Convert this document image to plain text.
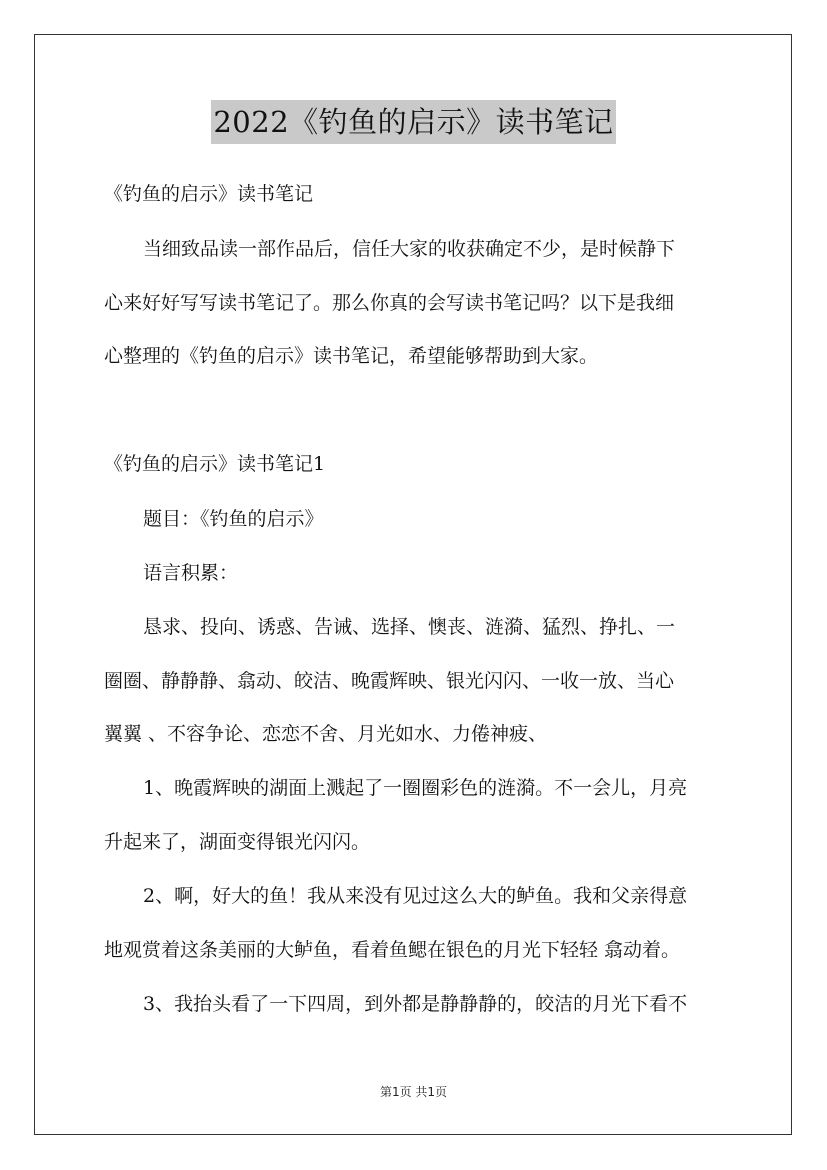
2022《钓鱼的启示》读书笔记
《钓鱼的启示》读书笔记
当细致品读一部作品后，信任大家的收获确定不少，是时候静下
心来好好写写读书笔记了。那么你真的会写读书笔记吗？以下是我细
心整理的《钓鱼的启示》读书笔记，希望能够帮助到大家。
《钓鱼的启示》读书笔记1
题目：《钓鱼的启示》
语言积累：
恳求、投向、诱惑、告诫、选择、懊丧、涟漪、猛烈、挣扎、一
圈圈、静静静、翕动、皎洁、晚霞辉映、银光闪闪、一收一放、当心
翼翼 、不容争论、恋恋不舍、月光如水、力倦神疲、
1、晚霞辉映的湖面上溅起了一圈圈彩色的涟漪。不一会儿，月亮
升起来了，湖面变得银光闪闪。
2、啊，好大的鱼！我从来没有见过这么大的鲈鱼。我和父亲得意
地观赏着这条美丽的大鲈鱼，看着鱼鳃在银色的月光下轻轻 翕动着。
3、我抬头看了一下四周，到外都是静静静的，皎洁的月光下看不
第1页 共1页
